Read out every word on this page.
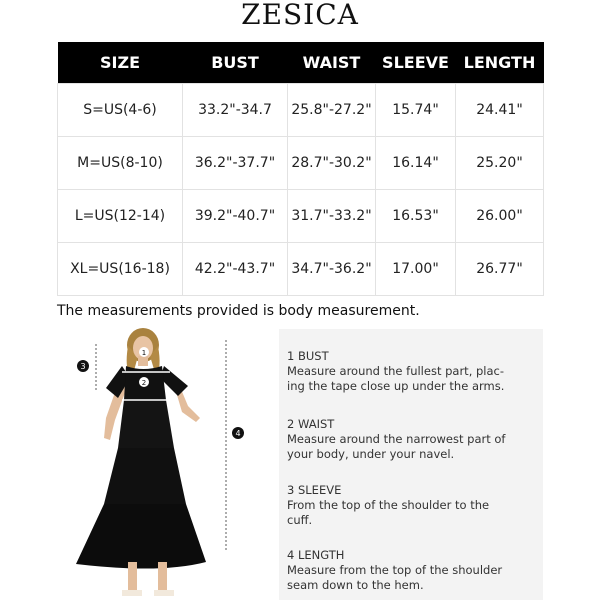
ZESICA
SIZE	BUST	WAIST	SLEEVE	LENGTH
S=US(4-6)	33.2"-34.7	25.8"-27.2"	15.74"	24.41"
M=US(8-10)	36.2"-37.7"	28.7"-30.2"	16.14"	25.20"
L=US(12-14)	39.2"-40.7"	31.7"-33.2"	16.53"	26.00"
XL=US(16-18)	42.2"-43.7"	34.7"-36.2"	17.00"	26.77"
The measurements provided is body measurement.
1
2
3
4
1 BUST
Measure around the fullest part, plac-
ing the tape close up under the arms.
2 WAIST
Measure around the narrowest part of
your body, under your navel.
3 SLEEVE
From the top of the shoulder to the
cuff.
4 LENGTH
Measure from the top of the shoulder
seam down to the hem.
